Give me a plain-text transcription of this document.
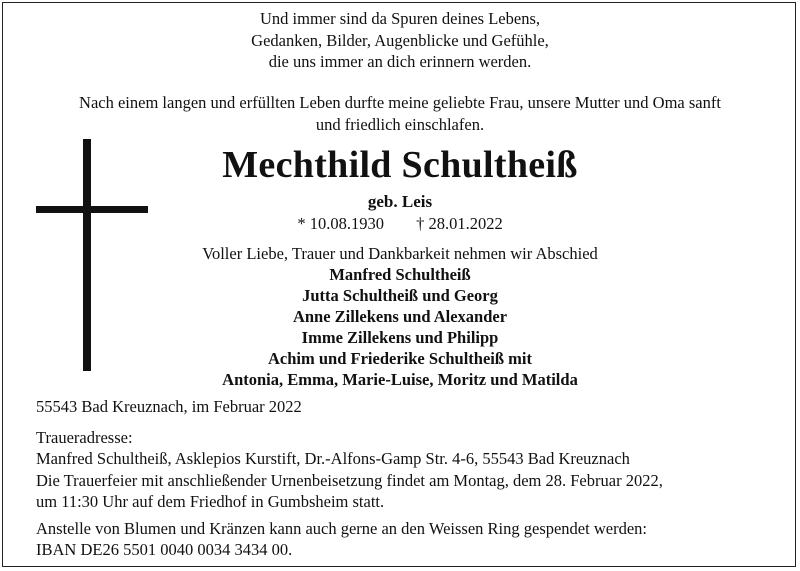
Und immer sind da Spuren deines Lebens,
Gedanken, Bilder, Augenblicke und Gefühle,
die uns immer an dich erinnern werden.
Nach einem langen und erfüllten Leben durfte meine geliebte Frau, unsere Mutter und Oma sanft
und friedlich einschlafen.
Mechthild Schultheiß
geb. Leis
* 10.08.1930 † 28.01.2022
Voller Liebe, Trauer und Dankbarkeit nehmen wir Abschied
Manfred Schultheiß
Jutta Schultheiß und Georg
Anne Zillekens und Alexander
Imme Zillekens und Philipp
Achim und Friederike Schultheiß mit
Antonia, Emma, Marie-Luise, Moritz und Matilda
55543 Bad Kreuznach, im Februar 2022
Traueradresse:
Manfred Schultheiß, Asklepios Kurstift, Dr.-Alfons-Gamp Str. 4-6, 55543 Bad Kreuznach
Die Trauerfeier mit anschließender Urnenbeisetzung findet am Montag, dem 28. Februar 2022,
um 11:30 Uhr auf dem Friedhof in Gumbsheim statt.
Anstelle von Blumen und Kränzen kann auch gerne an den Weissen Ring gespendet werden:
IBAN DE26 5501 0040 0034 3434 00.
